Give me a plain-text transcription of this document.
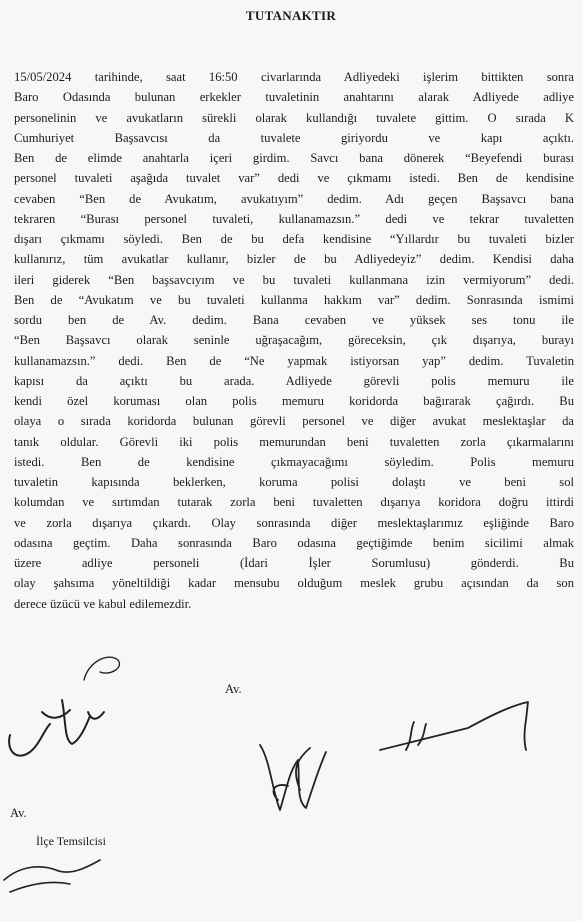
TUTANAKTIR
15/05/2024 tarihinde, saat 16:50 civarlarında Adliyedeki işlerim bittikten sonra
Baro Odasında bulunan erkekler tuvaletinin anahtarını alarak Adliyede adliye
personelinin ve avukatların sürekli olarak kullandığı tuvalete gittim. O sırada K
Cumhuriyet Başsavcısı da tuvalete giriyordu ve kapı açıktı.
Ben de elimde anahtarla içeri girdim. Savcı bana dönerek “Beyefendi burası
personel tuvaleti aşağıda tuvalet var” dedi ve çıkmamı istedi. Ben de kendisine
cevaben “Ben de Avukatım, avukatıyım” dedim. Adı geçen Başsavcı bana
tekraren “Burası personel tuvaleti, kullanamazsın.” dedi ve tekrar tuvaletten
dışarı çıkmamı söyledi. Ben de bu defa kendisine “Yıllardır bu tuvaleti bizler
kullanırız, tüm avukatlar kullanır, bizler de bu Adliyedeyiz” dedim. Kendisi daha
ileri giderek “Ben başsavcıyım ve bu tuvaleti kullanmana izin vermiyorum” dedi.
Ben de “Avukatım ve bu tuvaleti kullanma hakkım var” dedim. Sonrasında ismimi
sordu ben de Av. dedim. Bana cevaben ve yüksek ses tonu ile
“Ben Başsavcı olarak seninle uğraşacağım, göreceksin, çık dışarıya, burayı
kullanamazsın.” dedi. Ben de “Ne yapmak istiyorsan yap” dedim. Tuvaletin
kapısı da açıktı bu arada. Adliyede görevli polis memuru ile
kendi özel koruması olan polis memuru koridorda bağırarak çağırdı. Bu
olaya o sırada koridorda bulunan görevli personel ve diğer avukat meslektaşlar da
tanık oldular. Görevli iki polis memurundan beni tuvaletten zorla çıkarmalarını
istedi. Ben de kendisine çıkmayacağımı söyledim. Polis memuru
tuvaletin kapısında beklerken, koruma polisi dolaştı ve beni sol
kolumdan ve sırtımdan tutarak zorla beni tuvaletten dışarıya koridora doğru ittirdi
ve zorla dışarıya çıkardı. Olay sonrasında diğer meslektaşlarımız eşliğinde Baro
odasına geçtim. Daha sonrasında Baro odasına geçtiğimde benim sicilimi almak
üzere adliye personeli (İdari İşler Sorumlusu) gönderdi. Bu
olay şahsıma yöneltildiği kadar mensubu olduğum meslek grubu açısından da son
derece üzücü ve kabul edilemezdir.
Av.
Av.
İlçe Temsilcisi
